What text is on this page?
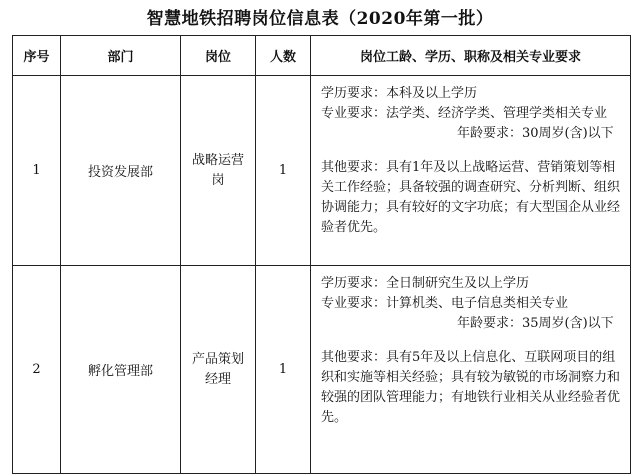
智慧地铁招聘岗位信息表（2020年第一批）
序号	部门	岗位	人数	岗位工龄、学历、职称及相关专业要求
1	投资发展部	战略运营岗	1	学历要求：本科及以上学历
专业要求：法学类、经济学类、管理学类相关专业
年龄要求：30周岁(含)以下
其他要求：具有1年及以上战略运营、营销策划等相关工作经验；具备较强的调查研究、分析判断、组织协调能力；具有较好的文字功底；有大型国企从业经验者优先。

2	孵化管理部	产品策划经理	1	学历要求：全日制研究生及以上学历
专业要求：计算机类、电子信息类相关专业
年龄要求：35周岁(含)以下
其他要求：具有5年及以上信息化、互联网项目的组织和实施等相关经验；具有较为敏锐的市场洞察力和较强的团队管理能力；有地铁行业相关从业经验者优先。
